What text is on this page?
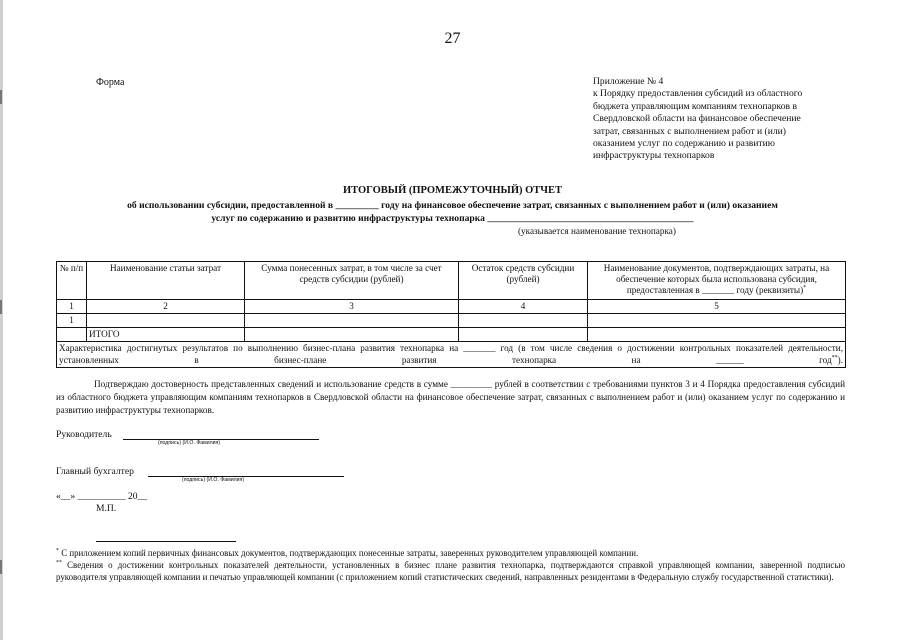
27
Форма	Приложение № 4
к Порядку предоставления субсидий из областного
бюджета управляющим компаниям технопарков в
Свердловской области на финансовое обеспечение
затрат, связанных с выполнением работ и (или)
оказанием услуг по содержанию и развитию
инфраструктуры технопарков
ИТОГОВЫЙ (ПРОМЕЖУТОЧНЫЙ) ОТЧЕТ
об использовании субсидии, предоставленной в _________ году на финансовое обеспечение затрат, связанных с выполнением работ и (или) оказанием
услуг по содержанию и развитию инфраструктуры технопарка ___________________________________________
(указывается наименование технопарка)
№ п/п	Наименование статьи затрат	Сумма понесенных затрат, в том числе за счет средств субсидии (рублей)	Остаток средств субсидии (рублей)	Наименование документов, подтверждающих затраты, на обеспечение которых была использована субсидия, предоставленная в _______ году (реквизиты)*
1	2	3	4	5
1				
	ИТОГО			
Характеристика достигнутых результатов по выполнению бизнес-плана развития технопарка на _______ год (в том числе сведения о достижении контрольных показателей деятельности, установленных в бизнес-плане развития технопарка на ______ год**).				
Подтверждаю достоверность представленных сведений и использование средств в сумме _________ рублей в соответствии с требованиями пунктов 3 и 4 Порядка предоставления субсидий из областного бюджета управляющим компаниям технопарков в Свердловской области на финансовое обеспечение затрат, связанных с выполнением работ и (или) оказанием услуг по содержанию и развитию инфраструктуры технопарков.
Руководитель
(подпись) (И.О. Фамилия)
Главный бухгалтер
(подпись) (И.О. Фамилия)
«__» __________ 20__
М.П.
* С приложением копий первичных финансовых документов, подтверждающих понесенные затраты, заверенных руководителем управляющей компании.
** Сведения о достижении контрольных показателей деятельности, установленных в бизнес плане развития технопарка, подтверждаются справкой управляющей компании, заверенной подписью руководителя управляющей компании и печатью управляющей компании (с приложением копий статистических сведений, направленных резидентами в Федеральную службу государственной статистики).
